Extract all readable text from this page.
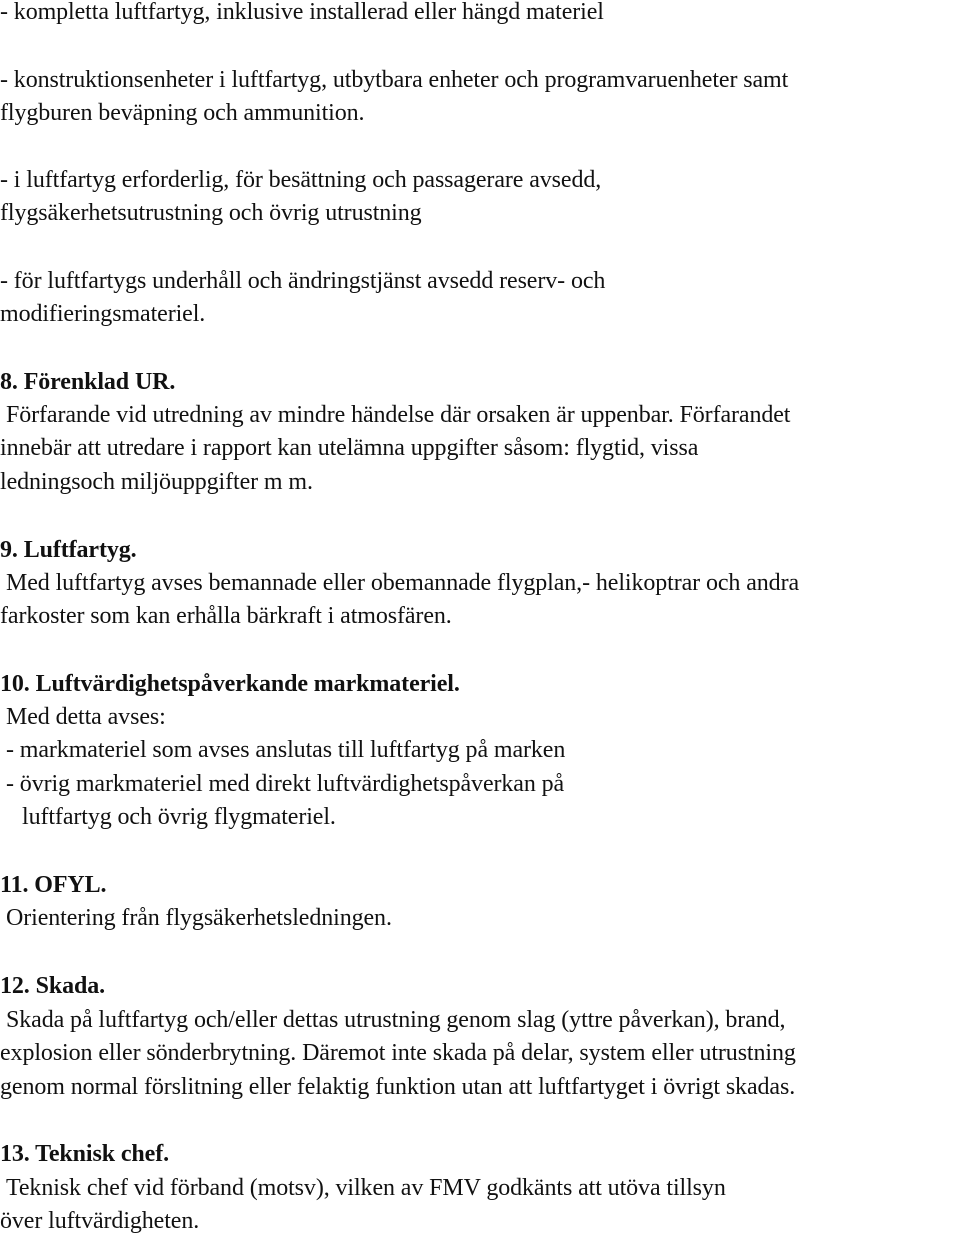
- kompletta luftfartyg, inklusive installerad eller hängd materiel
- konstruktionsenheter i luftfartyg, utbytbara enheter och programvaruenheter samt
flygburen beväpning och ammunition.
- i luftfartyg erforderlig, för besättning och passagerare avsedd,
flygsäkerhetsutrustning och övrig utrustning
- för luftfartygs underhåll och ändringstjänst avsedd reserv- och
modifieringsmateriel.
8. Förenklad UR.
Förfarande vid utredning av mindre händelse där orsaken är uppenbar. Förfarandet
innebär att utredare i rapport kan utelämna uppgifter såsom: flygtid, vissa
ledningsoch miljöuppgifter m m.
9. Luftfartyg.
Med luftfartyg avses bemannade eller obemannade flygplan,- helikoptrar och andra
farkoster som kan erhålla bärkraft i atmosfären.
10. Luftvärdighetspåverkande markmateriel.
Med detta avses:
- markmateriel som avses anslutas till luftfartyg på marken
- övrig markmateriel med direkt luftvärdighetspåverkan på
luftfartyg och övrig flygmateriel.
11. OFYL.
Orientering från flygsäkerhetsledningen.
12. Skada.
Skada på luftfartyg och/eller dettas utrustning genom slag (yttre påverkan), brand,
explosion eller sönderbrytning. Däremot inte skada på delar, system eller utrustning
genom normal förslitning eller felaktig funktion utan att luftfartyget i övrigt skadas.
13. Teknisk chef.
Teknisk chef vid förband (motsv), vilken av FMV godkänts att utöva tillsyn
över luftvärdigheten.
